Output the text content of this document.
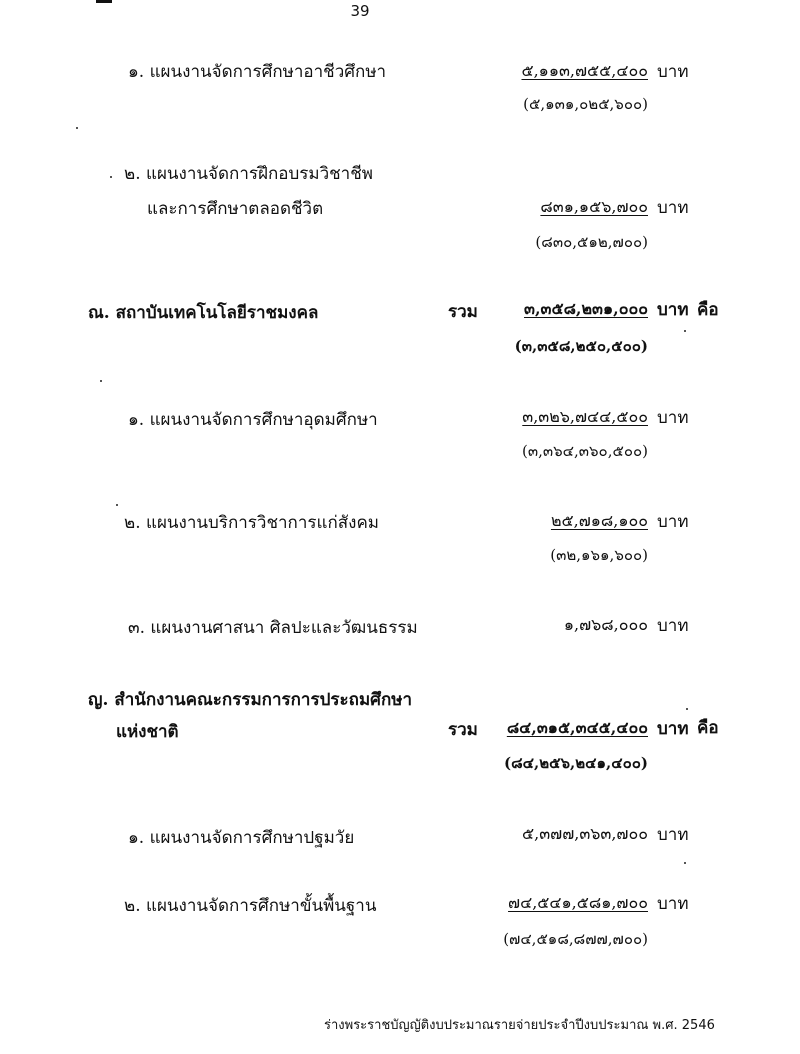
39
๑. แผนงานจัดการศึกษาอาชีวศึกษา	๕,๑๑๓,๗๕๕,๔๐๐ บาท
(๕,๑๓๑,๐๒๕,๖๐๐)
๒. แผนงานจัดการฝึกอบรมวิชาชีพ
และการศึกษาตลอดชีวิต	๘๓๑,๑๕๖,๗๐๐ บาท
(๘๓๐,๕๑๒,๗๐๐)
ณ. สถาบันเทคโนโลยีราชมงคล	รวม	๓,๓๕๘,๒๓๑,๐๐๐ บาท คือ
(๓,๓๕๘,๒๕๐,๕๐๐)
๑. แผนงานจัดการศึกษาอุดมศึกษา	๓,๓๒๖,๗๔๔,๕๐๐ บาท
(๓,๓๖๔,๓๖๐,๕๐๐)
๒. แผนงานบริการวิชาการแก่สังคม	๒๕,๗๑๘,๑๐๐ บาท
(๓๒,๑๖๑,๖๐๐)
๓. แผนงานศาสนา ศิลปะและวัฒนธรรม	๑,๗๖๘,๐๐๐ บาท
ญ. สำนักงานคณะกรรมการการประถมศึกษา
แห่งชาติ	รวม	๘๔,๓๑๕,๓๔๕,๔๐๐ บาท คือ
(๘๔,๒๕๖,๒๔๑,๔๐๐)
๑. แผนงานจัดการศึกษาปฐมวัย	๕,๓๗๗,๓๖๓,๗๐๐ บาท
๒. แผนงานจัดการศึกษาขั้นพื้นฐาน	๗๔,๕๔๑,๕๘๑,๗๐๐ บาท
(๗๔,๕๑๘,๘๗๗,๗๐๐)
ร่างพระราชบัญญัติงบประมาณรายจ่ายประจำปีงบประมาณ พ.ศ. 2546
